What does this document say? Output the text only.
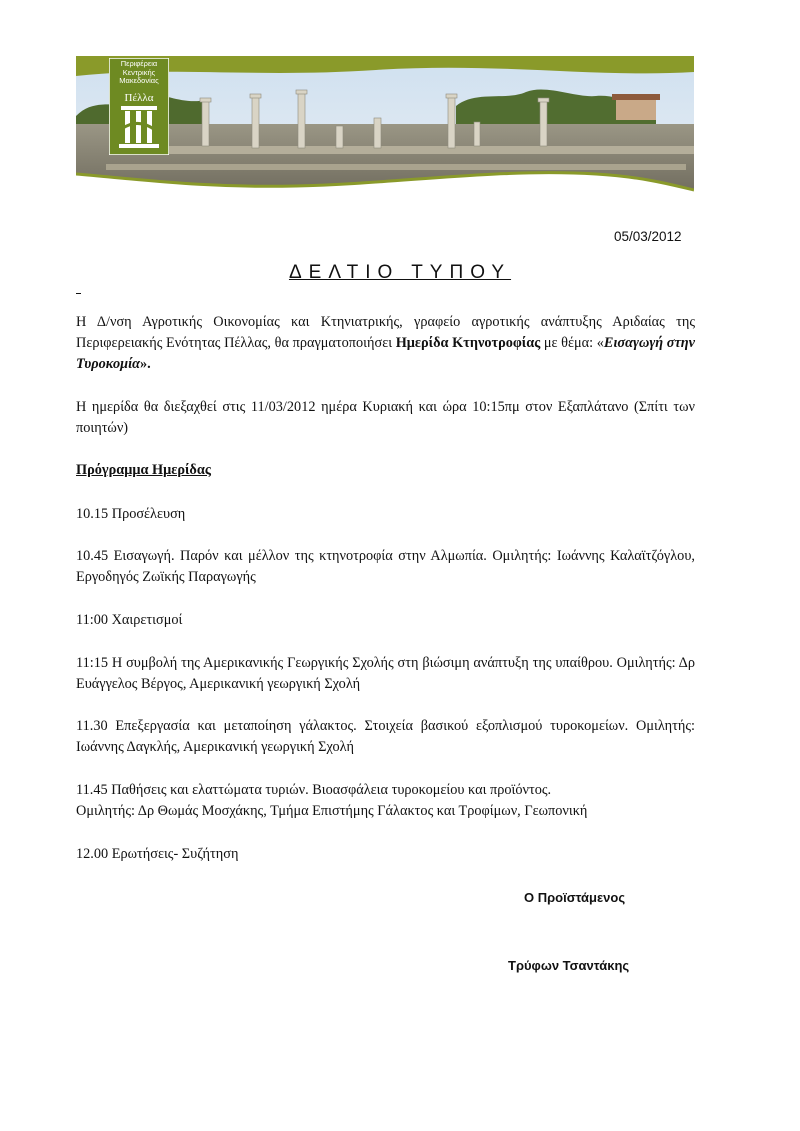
Περιφέρεια
Κεντρικής
Μακεδονίας
Πέλλα
05/03/2012
ΔΕΛΤΙΟ ΤΥΠΟΥ
Η Δ/νση Αγροτικής Οικονομίας και Κτηνιατρικής, γραφείο αγροτικής ανάπτυξης Αριδαίας της Περιφερειακής Ενότητας Πέλλας, θα πραγματοποιήσει Ημερίδα Κτηνοτροφίας με θέμα: «Εισαγωγή στην Τυροκομία».
Η ημερίδα θα διεξαχθεί στις 11/03/2012 ημέρα Κυριακή και ώρα 10:15πμ στον Εξαπλάτανο (Σπίτι των ποιητών)
Πρόγραμμα Ημερίδας
10.15 Προσέλευση
10.45 Εισαγωγή. Παρόν και μέλλον της κτηνοτροφία στην Αλμωπία. Ομιλητής: Ιωάννης Καλαϊτζόγλου, Εργοδηγός Ζωϊκής Παραγωγής
11:00 Χαιρετισμοί
11:15 Η συμβολή της Αμερικανικής Γεωργικής Σχολής στη βιώσιμη ανάπτυξη της υπαίθρου. Ομιλητής: Δρ Ευάγγελος Βέργος, Αμερικανική γεωργική Σχολή
11.30 Επεξεργασία και μεταποίηση γάλακτος. Στοιχεία βασικού εξοπλισμού τυροκομείων. Ομιλητής: Ιωάννης Δαγκλής, Αμερικανική γεωργική Σχολή
11.45 Παθήσεις και ελαττώματα τυριών. Βιοασφάλεια τυροκομείου και προϊόντος.
Ομιλητής: Δρ Θωμάς Μοσχάκης, Τμήμα Επιστήμης Γάλακτος και Τροφίμων, Γεωπονική
12.00 Ερωτήσεις- Συζήτηση
Ο Προϊστάμενος
Τρύφων Τσαντάκης
